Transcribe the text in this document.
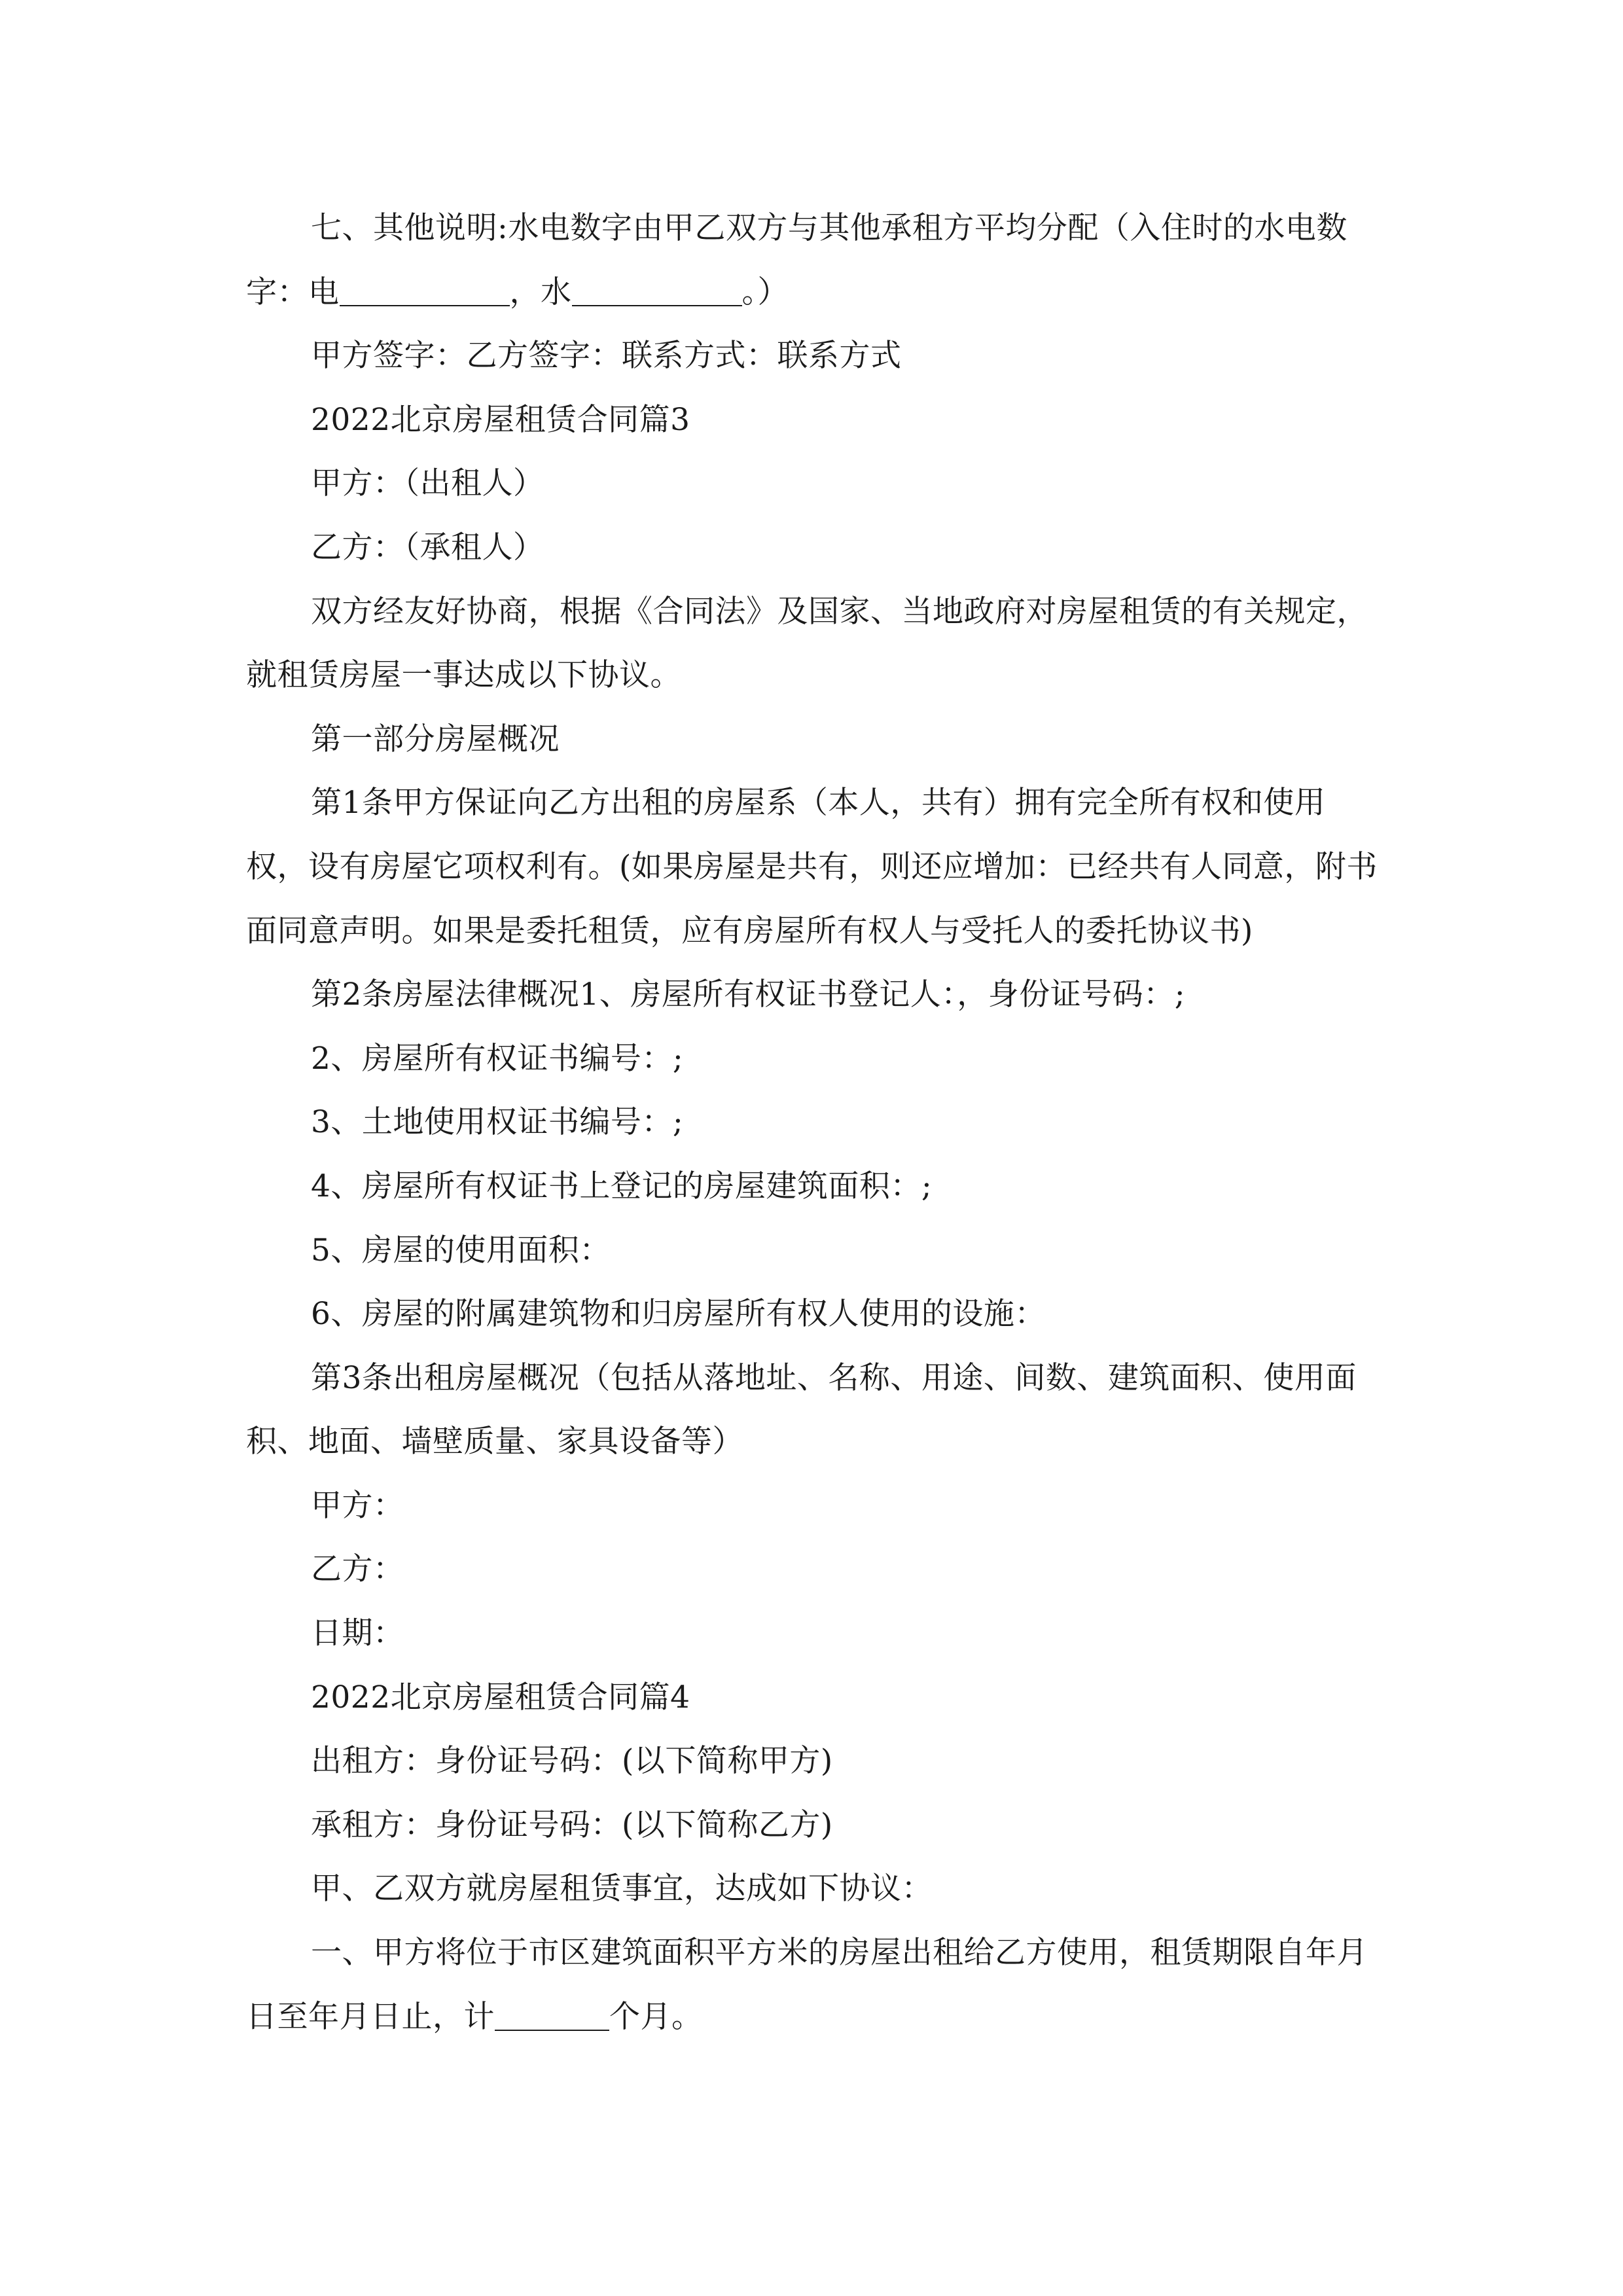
七、其他说明:水电数字由甲乙双方与其他承租方平均分配（入住时的水电数字：电	，水	。）

甲方签字：乙方签字：联系方式：联系方式

2022北京房屋租赁合同篇3

甲方：（出租人）

乙方：（承租人）

双方经友好协商，根据《合同法》及国家、当地政府对房屋租赁的有关规定，就租赁房屋一事达成以下协议。

第一部分房屋概况

第1条甲方保证向乙方出租的房屋系（本人，共有）拥有完全所有权和使用权，设有房屋它项权利有。(如果房屋是共有，则还应增加：已经共有人同意，附书面同意声明。如果是委托租赁，应有房屋所有权人与受托人的委托协议书)

第2条房屋法律概况1、房屋所有权证书登记人：，身份证号码：;

2、房屋所有权证书编号：;

3、土地使用权证书编号：;

4、房屋所有权证书上登记的房屋建筑面积：;

5、房屋的使用面积：

6、房屋的附属建筑物和归房屋所有权人使用的设施：

第3条出租房屋概况（包括从落地址、名称、用途、间数、建筑面积、使用面积、地面、墙壁质量、家具设备等）

甲方：

乙方：

日期：

2022北京房屋租赁合同篇4

出租方：身份证号码：(以下简称甲方)

承租方：身份证号码：(以下简称乙方)

甲、乙双方就房屋租赁事宜，达成如下协议：

一、甲方将位于市区建筑面积平方米的房屋出租给乙方使用，租赁期限自年月日至年月日止，计	个月。
